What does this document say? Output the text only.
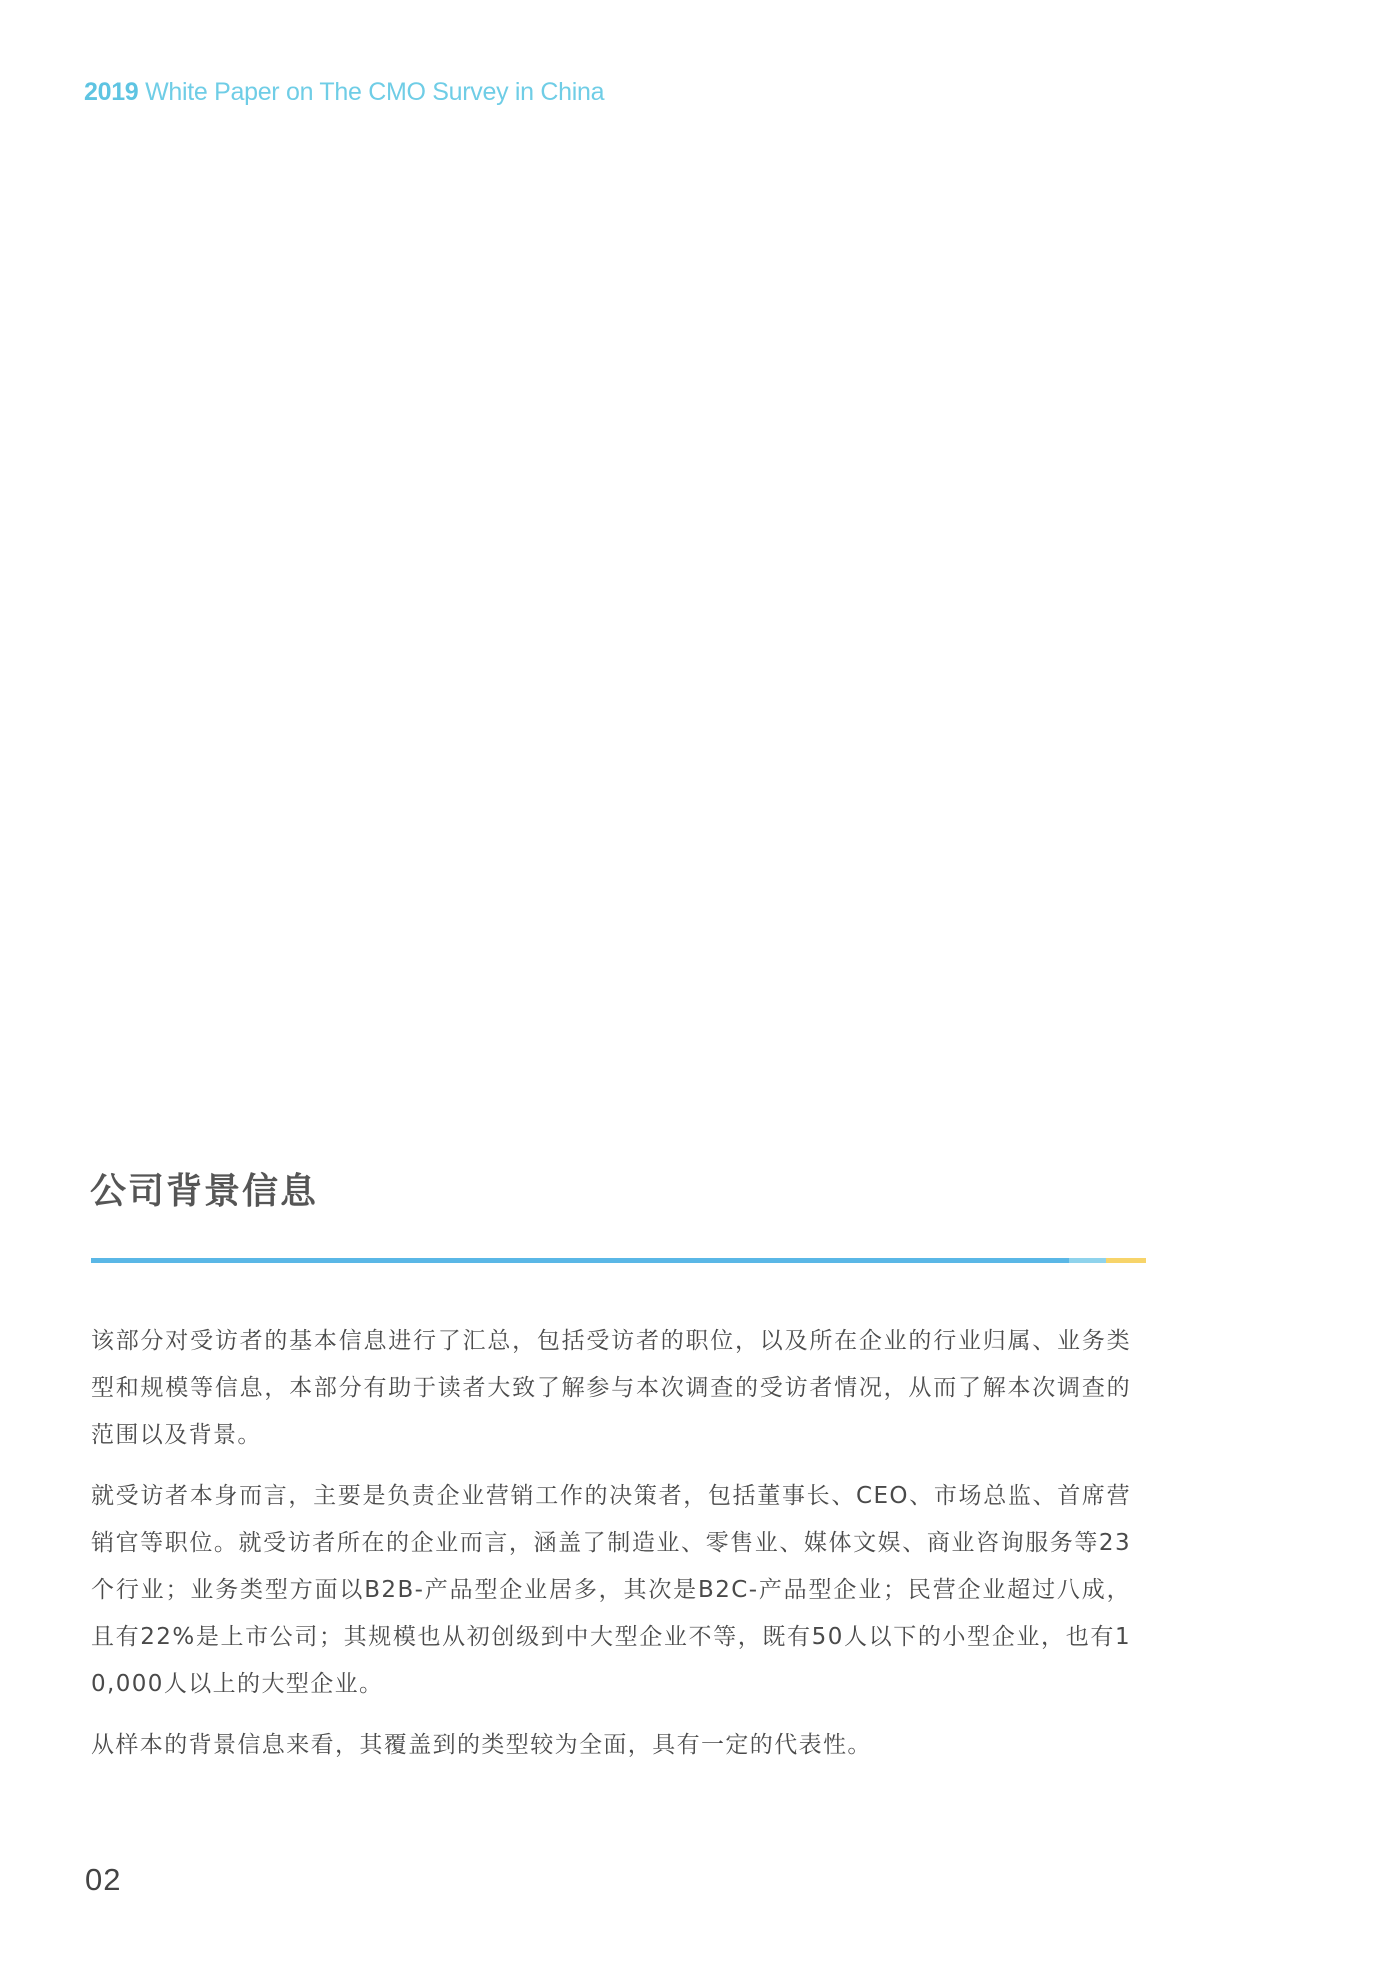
2019 White Paper on The CMO Survey in China
公司背景信息

该部分对受访者的基本信息进行了汇总，包括受访者的职位，以及所在企业的行业归属、业务类型和规模等信息，本部分有助于读者大致了解参与本次调查的受访者情况，从而了解本次调查的范围以及背景。

就受访者本身而言，主要是负责企业营销工作的决策者，包括董事长、CEO、市场总监、首席营销官等职位。就受访者所在的企业而言，涵盖了制造业、零售业、媒体文娱、商业咨询服务等23个行业；业务类型方面以B2B-产品型企业居多，其次是B2C-产品型企业；民营企业超过八成，且有22%是上市公司；其规模也从初创级到中大型企业不等，既有50人以下的小型企业，也有10,000人以上的大型企业。

从样本的背景信息来看，其覆盖到的类型较为全面，具有一定的代表性。

02
